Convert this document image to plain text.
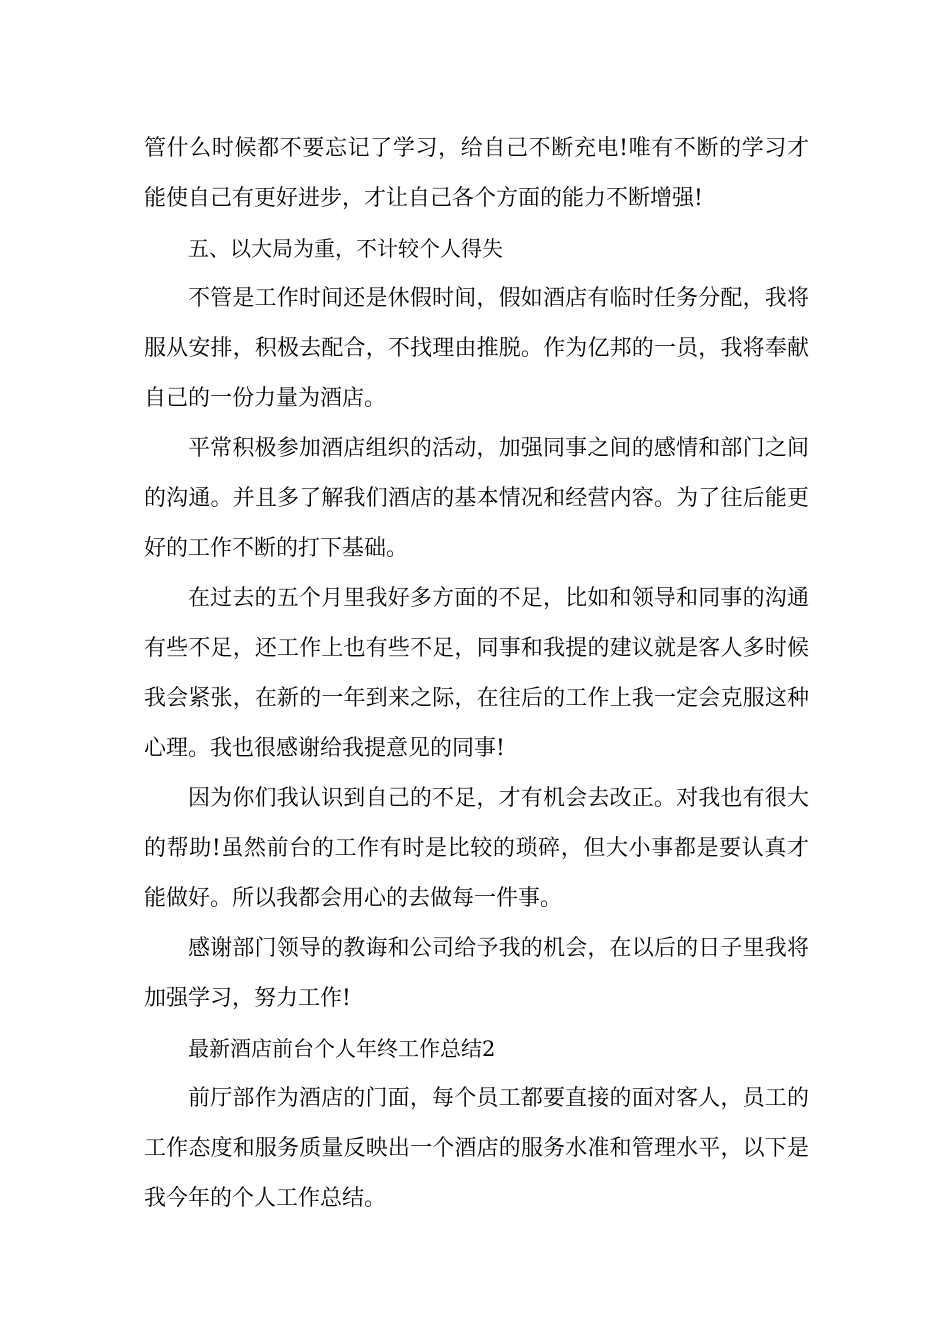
管什么时候都不要忘记了学习，给自己不断充电!唯有不断的学习才能使自己有更好进步，才让自己各个方面的能力不断增强!

五、以大局为重，不计较个人得失

不管是工作时间还是休假时间，假如酒店有临时任务分配，我将服从安排，积极去配合，不找理由推脱。作为亿邦的一员，我将奉献自己的一份力量为酒店。

平常积极参加酒店组织的活动，加强同事之间的感情和部门之间的沟通。并且多了解我们酒店的基本情况和经营内容。为了往后能更好的工作不断的打下基础。

在过去的五个月里我好多方面的不足，比如和领导和同事的沟通有些不足，还工作上也有些不足，同事和我提的建议就是客人多时候我会紧张，在新的一年到来之际，在往后的工作上我一定会克服这种心理。我也很感谢给我提意见的同事!

因为你们我认识到自己的不足，才有机会去改正。对我也有很大的帮助!虽然前台的工作有时是比较的琐碎，但大小事都是要认真才能做好。所以我都会用心的去做每一件事。

感谢部门领导的教诲和公司给予我的机会，在以后的日子里我将加强学习，努力工作!

最新酒店前台个人年终工作总结2

前厅部作为酒店的门面，每个员工都要直接的面对客人，员工的工作态度和服务质量反映出一个酒店的服务水准和管理水平，以下是我今年的个人工作总结。
